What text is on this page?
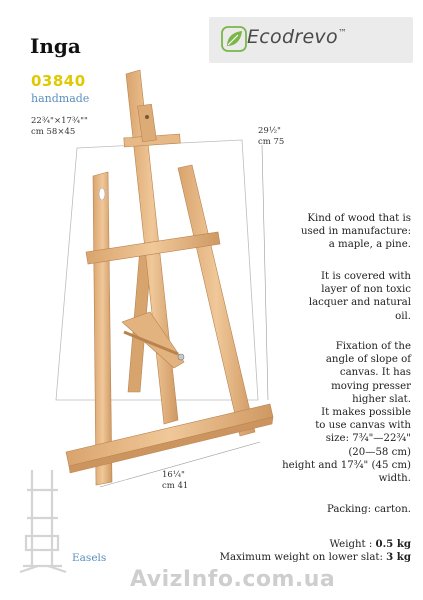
Inga
03840
handmade
Ecodrevo™
22¾"×17¾""
cm 58×45	29½"
cm 75
16¼"
cm 41
Kind of wood that is
used in manufacture:
a maple, a pine.
It is covered with
layer of non toxic
lacquer and natural
oil.
Fixation of the
angle of slope of
canvas. It has
moving presser
higher slat.
It makes possible
to use canvas with
size: 7¾"—22¾"
(20—58 cm)
height and 17¾" (45 cm)
width.
Packing: carton.
Weight : 0.5 kg
Maximum weight on lower slat: 3 kg
Easels
AvizInfo.com.ua
